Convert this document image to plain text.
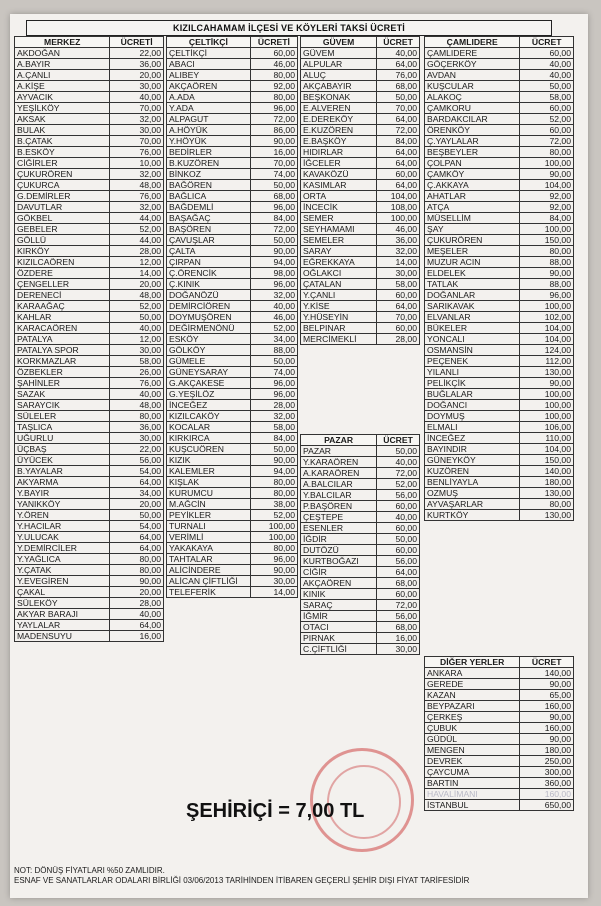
KIZILCAHAMAM İLÇESİ VE KÖYLERİ TAKSİ ÜCRETİ
MERKEZ	ÜCRETİ
AKDOĞAN	22,00
A.BAYIR	36,00
A.ÇANLI	20,00
A.KİŞE	30,00
AYVACIK	40,00
YEŞİLKÖY	70,00
AKSAK	32,00
BULAK	30,00
B.ÇATAK	70,00
B.ESKÖY	76,00
CİĞİRLER	10,00
ÇUKURÖREN	32,00
ÇUKURCA	48,00
G.DEMİRLER	76,00
DAVUTLAR	32,00
GÖKBEL	44,00
GEBELER	52,00
GÖLLÜ	44,00
KIRKÖY	28,00
KIZILCAÖREN	12,00
ÖZDERE	14,00
ÇENGELLER	20,00
DERENECİ	48,00
KARAAĞAÇ	52,00
KAHLAR	50,00
KARACAÖREN	40,00
PATALYA	12,00
PATALYA SPOR	30,00
KORKMAZLAR	58,00
ÖZBEKLER	26,00
ŞAHİNLER	76,00
SAZAK	40,00
SARAYCIK	48,00
SÜLELER	80,00
TAŞLICA	36,00
UĞURLU	30,00
ÜÇBAŞ	22,00
ÜYÜCEK	56,00
B.YAYALAR	54,00
AKYARMA	64,00
Y.BAYIR	34,00
YANIKKÖY	20,00
Y.ÖREN	50,00
Y.HACILAR	54,00
Y.ULUCAK	64,00
Y.DEMİRCİLER	64,00
Y.YAĞLICA	80,00
Y.ÇATAK	80,00
Y.EVEGİREN	90,00
ÇAKAL	20,00
SÜLEKÖY	28,00
AKYAR BARAJI	40,00
YAYLALAR	64,00
MADENSUYU	16,00
ÇELTİKÇİ	ÜCRETİ
ÇELTİKÇİ	60,00
ABACI	46,00
ALIBEY	80,00
AKÇAÖREN	92,00
A.ADA	80,00
Y.ADA	96,00
ALPAGUT	72,00
A.HÖYÜK	86,00
Y.HÖYÜK	90,00
BEDİRLER	16,00
B.KUZÖREN	70,00
BİNKOZ	74,00
BAĞÖREN	50,00
BAĞLICA	68,00
BAĞDEMLİ	96,00
BAŞAĞAÇ	84,00
BAŞÖREN	72,00
ÇAVUŞLAR	50,00
ÇALTA	90,00
ÇIRPAN	94,00
Ç.ÖRENCİK	98,00
Ç.KINIK	96,00
DOĞANÖZÜ	32,00
DEMİRCİÖREN	40,00
DOYMUŞÖREN	46,00
DEĞİRMENÖNÜ	52,00
ESKÖY	34,00
GÖLKÖY	88,00
GÜMELE	50,00
GÜNEYSARAY	74,00
G.AKÇAKESE	96,00
G.YEŞİLÖZ	96,00
İNCEĞEZ	28,00
KIZILCAKÖY	32,00
KOCALAR	58,00
KIRKIRCA	84,00
KUŞCUÖREN	50,00
KIZIK	90,00
KALEMLER	94,00
KIŞLAK	80,00
KURUMCU	80,00
M.AĞCİN	38,00
PEYİKLER	52,00
TURNALI	100,00
VERİMLİ	100,00
YAKAKAYA	80,00
TAHTALAR	96,00
ALİCİNDERE	90,00
ALİCAN ÇİFTLİĞİ	30,00
TELEFERİK	14,00
GÜVEM	ÜCRET
GÜVEM	40,00
ALPULAR	64,00
ALUÇ	76,00
AKÇABAYIR	68,00
BEŞKONAK	50,00
E.ALVEREN	70,00
E.DEREKÖY	64,00
E.KUZÖREN	72,00
E.BAŞKÖY	84,00
HIDIRLAR	64,00
İĞCELER	64,00
KAVAKÖZÜ	60,00
KASIMLAR	64,00
ORTA	104,00
İNCECİK	108,00
SEMER	100,00
SEYHAMAMI	46,00
SEMELER	36,00
SARAY	32,00
EĞREKKAYA	14,00
OĞLAKCI	30,00
ÇATALAN	58,00
Y.ÇANLI	60,00
Y.KİSE	64,00
Y.HÜSEYİN	70,00
BELPINAR	60,00
MERCİMEKLİ	28,00
PAZAR	ÜCRET
PAZAR	50,00
Y.KARAÖREN	40,00
A.KARAÖREN	72,00
A.BALCILAR	52,00
Y.BALCILAR	56,00
P.BAŞÖREN	60,00
ÇEŞTEPE	40,00
ESENLER	60,00
İĞDİR	50,00
DUTÖZÜ	60,00
KURTBOĞAZI	56,00
CİĞİR	64,00
AKÇAÖREN	68,00
KINIK	60,00
SARAÇ	72,00
İĞMİR	56,00
OTACI	68,00
PIRNAK	16,00
C.ÇİFTLİĞİ	30,00
ÇAMLIDERE	ÜCRET
ÇAMLIDERE	60,00
GÖÇERKÖY	40,00
AVDAN	40,00
KUŞCULAR	50,00
ALAKOÇ	58,00
ÇAMKORU	60,00
BARDAKCILAR	52,00
ÖRENKÖY	60,00
Ç.YAYLALAR	72,00
BEŞBEYLER	80,00
ÇOLPAN	100,00
ÇAMKÖY	90,00
Ç.AKKAYA	104,00
AHATLAR	92,00
ATÇA	92,00
MÜSELLİM	84,00
ŞAY	100,00
ÇUKURÖREN	150,00
MEŞELER	80,00
MUZUR ACIN	88,00
ELDELEK	90,00
TATLAK	88,00
DOĞANLAR	96,00
SARIKAVAK	100,00
ELVANLAR	102,00
BÜKELER	104,00
YONCALI	104,00
OSMANSİN	124,00
PEÇENEK	112,00
YILANLI	130,00
PELİKÇİK	90,00
BUĞLALAR	100,00
DOĞANCI	100,00
DOYMUŞ	100,00
ELMALI	106,00
İNCEĞEZ	110,00
BAYINDIR	104,00
GÜNEYKÖY	150,00
KUZÖREN	140,00
BENLİYAYLA	180,00
OZMUŞ	130,00
AYVAŞARLAR	80,00
KURTKÖY	130,00
DİĞER YERLER	ÜCRET
ANKARA	140,00
GEREDE	90,00
KAZAN	65,00
BEYPAZARI	160,00
ÇERKEŞ	90,00
ÇUBUK	160,00
GÜDÜL	90,00
MENGEN	180,00
DEVREK	250,00
ÇAYCUMA	300,00
BARTIN	360,00
HAVALİMANI	160,00
İSTANBUL	650,00
ŞEHİRİÇİ = 7,00 TL
NOT: DÖNÜŞ FİYATLARI %50 ZAMLIDIR.
ESNAF VE SANATLARLAR ODALARI BİRLİĞİ 03/06/2013 TARİHİNDEN İTİBAREN GEÇERLİ ŞEHİR DIŞI FİYAT TARİFESİDİR
